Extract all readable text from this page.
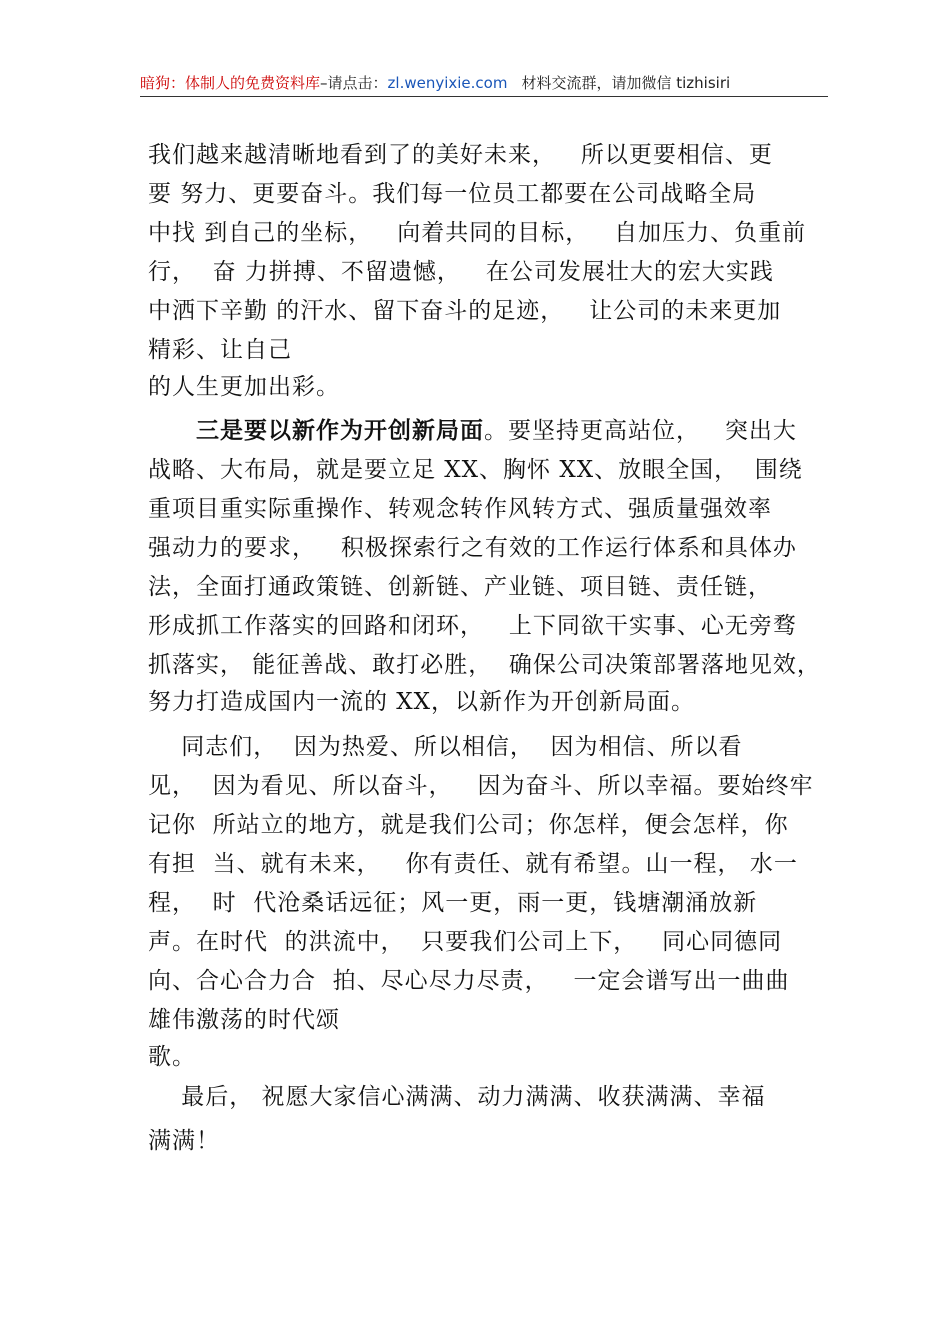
暗狗：体制人的免费资料库–请点击：zl.wenyixie.com 材料交流群，请加微信 tizhisiri
我们越来越清晰地看到了的美好未来，   所以更要相信、更
要 努力、更要奋斗。我们每一位员工都要在公司战略全局
中找 到自己的坐标，   向着共同的目标，   自加压力、负重前
行，  奋 力拼搏、不留遗憾，   在公司发展壮大的宏大实践
中洒下辛勤 的汗水、留下奋斗的足迹，   让公司的未来更加
精彩、让自己
的人生更加出彩。
三是要以新作为开创新局面。要坚持更高站位，   突出大
战略、大布局，就是要立足 XX、胸怀 XX、放眼全国，  围绕
重项目重实际重操作、转观念转作风转方式、强质量强效率
强动力的要求，   积极探索行之有效的工作运行体系和具体办
法，全面打通政策链、创新链、产业链、项目链、责任链，
形成抓工作落实的回路和闭环，   上下同欲干实事、心无旁骛
抓落实， 能征善战、敢打必胜，  确保公司决策部署落地见效，
努力打造成国内一流的 XX，以新作为开创新局面。
同志们，  因为热爱、所以相信，  因为相信、所以看
见，  因为看见、所以奋斗，   因为奋斗、所以幸福。要始终牢
记你  所站立的地方，就是我们公司；你怎样，便会怎样，你
有担  当、就有未来，   你有责任、就有希望。山一程， 水一
程，  时  代沧桑话远征；风一更，雨一更，钱塘潮涌放新
声。在时代  的洪流中，  只要我们公司上下，   同心同德同
向、合心合力合  拍、尽心尽力尽责，   一定会谱写出一曲曲
雄伟激荡的时代颂
歌。
最后， 祝愿大家信心满满、动力满满、收获满满、幸福
满满！
